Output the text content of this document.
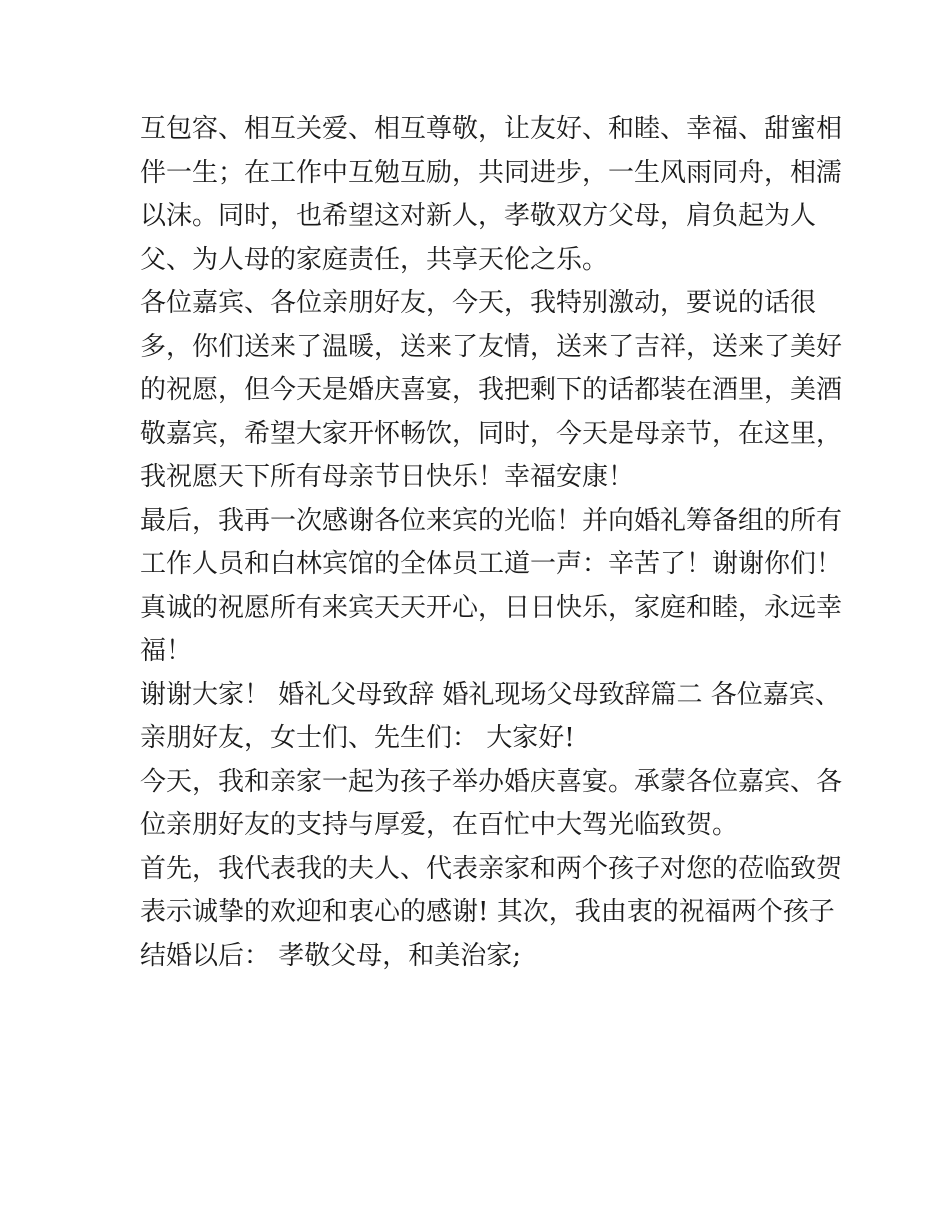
互包容、相互关爱、相互尊敬，让友好、和睦、幸福、甜蜜相
伴一生；在工作中互勉互励，共同进步，一生风雨同舟，相濡
以沫。同时，也希望这对新人，孝敬双方父母，肩负起为人
父、为人母的家庭责任，共享天伦之乐。
各位嘉宾、各位亲朋好友，今天，我特别激动，要说的话很
多，你们送来了温暖，送来了友情，送来了吉祥，送来了美好
的祝愿，但今天是婚庆喜宴，我把剩下的话都装在酒里，美酒
敬嘉宾，希望大家开怀畅饮，同时，今天是母亲节，在这里，
我祝愿天下所有母亲节日快乐！幸福安康！
最后，我再一次感谢各位来宾的光临！并向婚礼筹备组的所有
工作人员和白林宾馆的全体员工道一声：辛苦了！谢谢你们！
真诚的祝愿所有来宾天天开心，日日快乐，家庭和睦，永远幸
福！
谢谢大家！ 婚礼父母致辞 婚礼现场父母致辞篇二 各位嘉宾、
亲朋好友，女士们、先生们： 大家好!
今天，我和亲家一起为孩子举办婚庆喜宴。承蒙各位嘉宾、各
位亲朋好友的支持与厚爱，在百忙中大驾光临致贺。
首先，我代表我的夫人、代表亲家和两个孩子对您的莅临致贺
表示诚挚的欢迎和衷心的感谢! 其次，我由衷的祝福两个孩子
结婚以后： 孝敬父母，和美治家;
